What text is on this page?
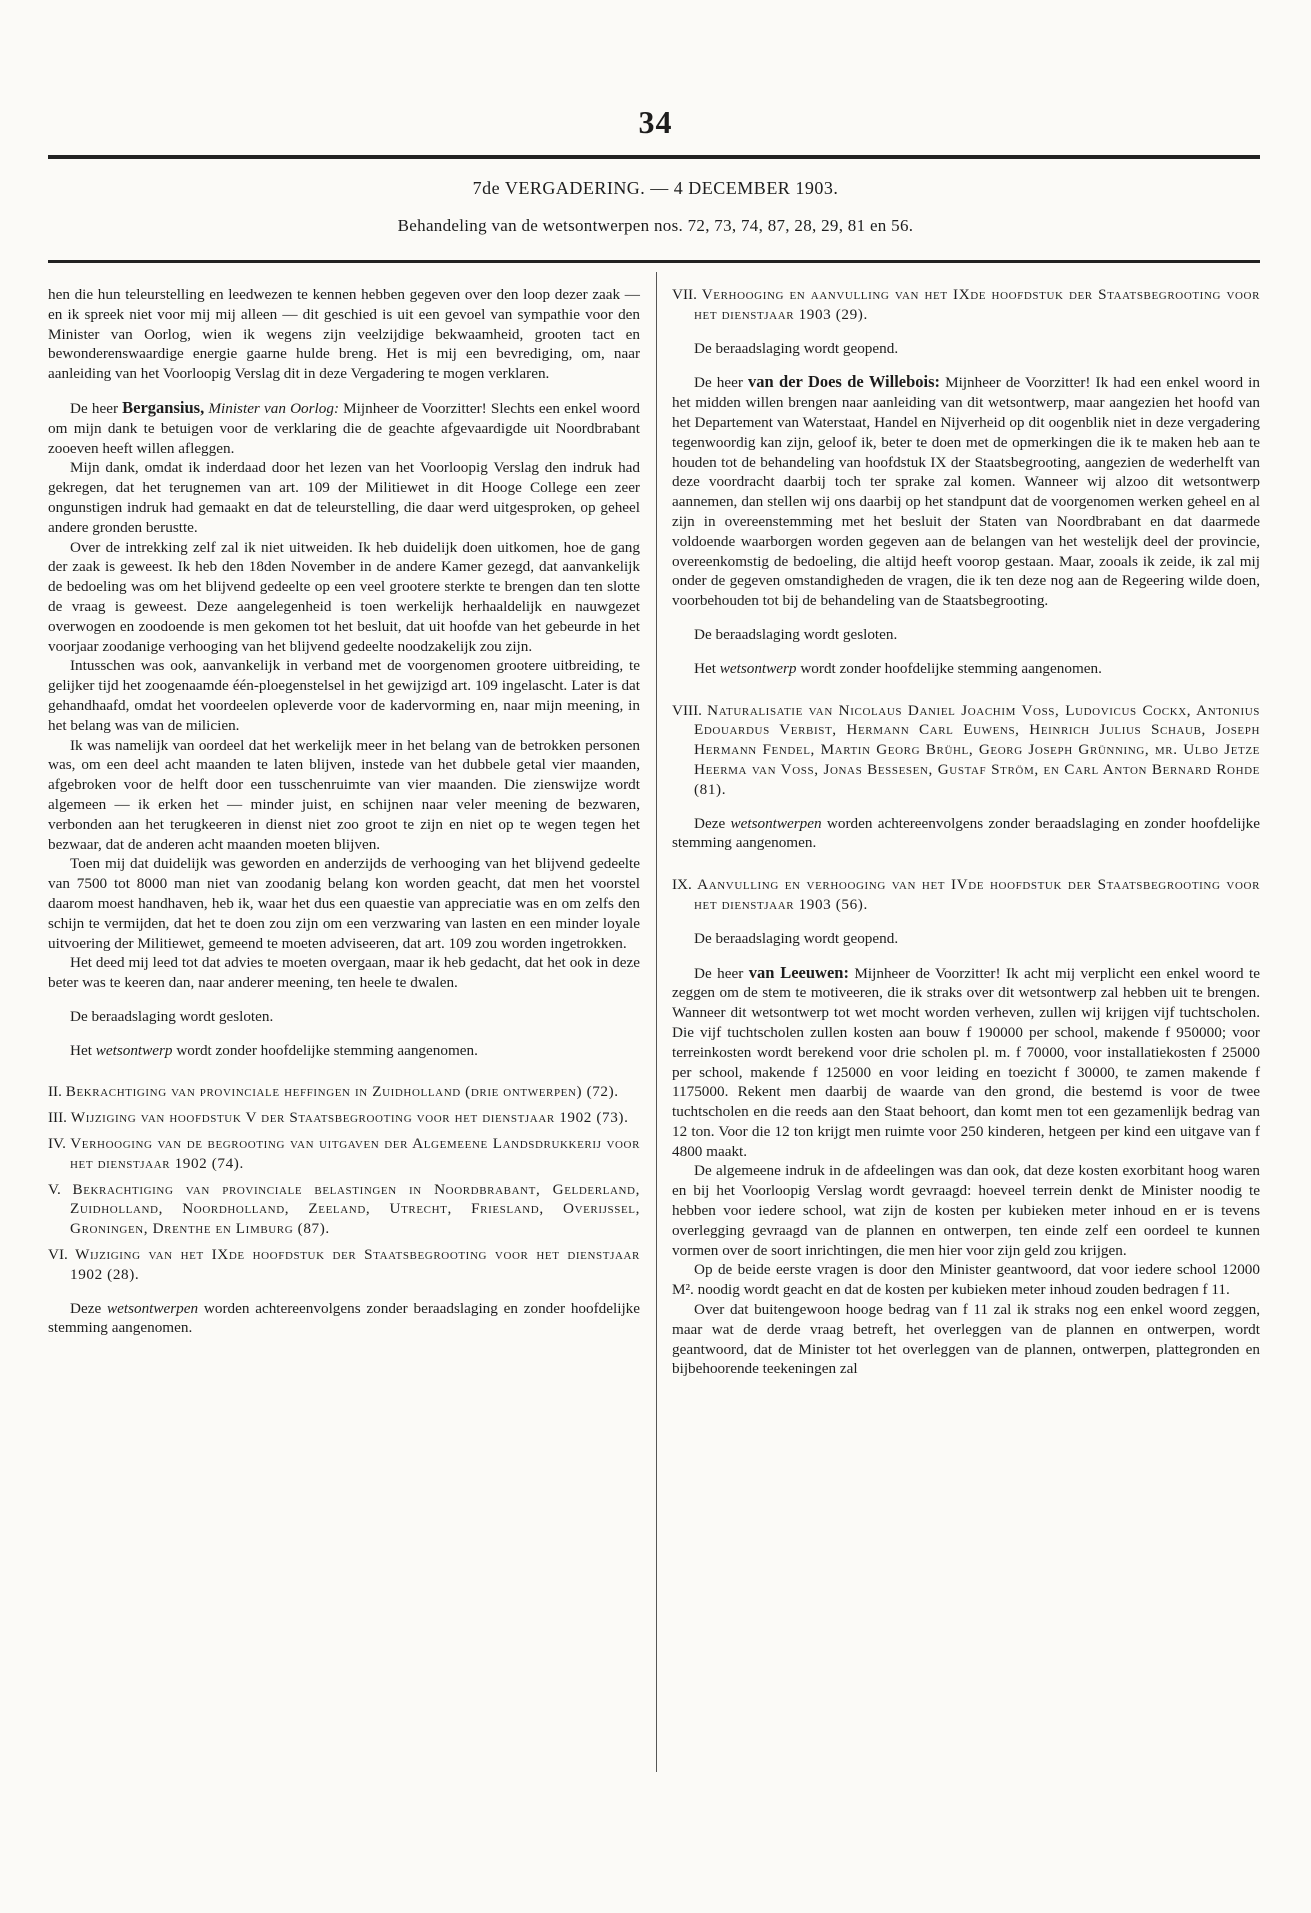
34
7de VERGADERING. — 4 DECEMBER 1903.
Behandeling van de wetsontwerpen nos. 72, 73, 74, 87, 28, 29, 81 en 56.

hen die hun teleurstelling en leedwezen te kennen hebben gegeven over den loop dezer zaak — en ik spreek niet voor mij mij alleen — dit geschied is uit een gevoel van sympathie voor den Minister van Oorlog, wien ik wegens zijn veelzijdige bekwaamheid, grooten tact en bewonderenswaardige energie gaarne hulde breng. Het is mij een bevrediging, om, naar aanleiding van het Voorloopig Verslag dit in deze Vergadering te mogen verklaren.

De heer Bergansius, Minister van Oorlog: Mijnheer de Voorzitter! Slechts een enkel woord om mijn dank te betuigen voor de verklaring die de geachte afgevaardigde uit Noordbrabant zooeven heeft willen afleggen.

Mijn dank, omdat ik inderdaad door het lezen van het Voorloopig Verslag den indruk had gekregen, dat het terugnemen van art. 109 der Militiewet in dit Hooge College een zeer ongunstigen indruk had gemaakt en dat de teleurstelling, die daar werd uitgesproken, op geheel andere gronden berustte.

Over de intrekking zelf zal ik niet uitweiden. Ik heb duidelijk doen uitkomen, hoe de gang der zaak is geweest. Ik heb den 18den November in de andere Kamer gezegd, dat aanvankelijk de bedoeling was om het blijvend gedeelte op een veel grootere sterkte te brengen dan ten slotte de vraag is geweest. Deze aangelegenheid is toen werkelijk herhaaldelijk en nauwgezet overwogen en zoodoende is men gekomen tot het besluit, dat uit hoofde van het gebeurde in het voorjaar zoodanige verhooging van het blijvend gedeelte noodzakelijk zou zijn.

Intusschen was ook, aanvankelijk in verband met de voorgenomen grootere uitbreiding, te gelijker tijd het zoogenaamde één-ploegenstelsel in het gewijzigd art. 109 ingelascht. Later is dat gehandhaafd, omdat het voordeelen opleverde voor de kadervorming en, naar mijn meening, in het belang was van de milicien.

Ik was namelijk van oordeel dat het werkelijk meer in het belang van de betrokken personen was, om een deel acht maanden te laten blijven, instede van het dubbele getal vier maanden, afgebroken voor de helft door een tusschenruimte van vier maanden. Die zienswijze wordt algemeen — ik erken het — minder juist, en schijnen naar veler meening de bezwaren, verbonden aan het terugkeeren in dienst niet zoo groot te zijn en niet op te wegen tegen het bezwaar, dat de anderen acht maanden moeten blijven.

Toen mij dat duidelijk was geworden en anderzijds de verhooging van het blijvend gedeelte van 7500 tot 8000 man niet van zoodanig belang kon worden geacht, dat men het voorstel daarom moest handhaven, heb ik, waar het dus een quaestie van appreciatie was en om zelfs den schijn te vermijden, dat het te doen zou zijn om een verzwaring van lasten en een minder loyale uitvoering der Militiewet, gemeend te moeten adviseeren, dat art. 109 zou worden ingetrokken.

Het deed mij leed tot dat advies te moeten overgaan, maar ik heb gedacht, dat het ook in deze beter was te keeren dan, naar anderer meening, ten heele te dwalen.

De beraadslaging wordt gesloten.

Het wetsontwerp wordt zonder hoofdelijke stemming aangenomen.

II. Bekrachtiging van provinciale heffingen in Zuidholland (drie ontwerpen) (72).

III. Wijziging van hoofdstuk V der Staatsbegrooting voor het dienstjaar 1902 (73).

IV. Verhooging van de begrooting van uitgaven der Algemeene Landsdrukkerij voor het dienstjaar 1902 (74).

V. Bekrachtiging van provinciale belastingen in Noordbrabant, Gelderland, Zuidholland, Noordholland, Zeeland, Utrecht, Friesland, Overijssel, Groningen, Drenthe en Limburg (87).

VI. Wijziging van het IXde hoofdstuk der Staatsbegrooting voor het dienstjaar 1902 (28).

Deze wetsontwerpen worden achtereenvolgens zonder beraadslaging en zonder hoofdelijke stemming aangenomen.

VII. Verhooging en aanvulling van het IXde hoofdstuk der Staatsbegrooting voor het dienstjaar 1903 (29).

De beraadslaging wordt geopend.

De heer van der Does de Willebois: Mijnheer de Voorzitter! Ik had een enkel woord in het midden willen brengen naar aanleiding van dit wetsontwerp, maar aangezien het hoofd van het Departement van Waterstaat, Handel en Nijverheid op dit oogenblik niet in deze vergadering tegenwoordig kan zijn, geloof ik, beter te doen met de opmerkingen die ik te maken heb aan te houden tot de behandeling van hoofdstuk IX der Staatsbegrooting, aangezien de wederhelft van deze voordracht daarbij toch ter sprake zal komen. Wanneer wij alzoo dit wetsontwerp aannemen, dan stellen wij ons daarbij op het standpunt dat de voorgenomen werken geheel en al zijn in overeenstemming met het besluit der Staten van Noordbrabant en dat daarmede voldoende waarborgen worden gegeven aan de belangen van het westelijk deel der provincie, overeenkomstig de bedoeling, die altijd heeft voorop gestaan. Maar, zooals ik zeide, ik zal mij onder de gegeven omstandigheden de vragen, die ik ten deze nog aan de Regeering wilde doen, voorbehouden tot bij de behandeling van de Staatsbegrooting.

De beraadslaging wordt gesloten.

Het wetsontwerp wordt zonder hoofdelijke stemming aangenomen.

VIII. Naturalisatie van Nicolaus Daniel Joachim Voss, Ludovicus Cockx, Antonius Edouardus Verbist, Hermann Carl Euwens, Heinrich Julius Schaub, Joseph Hermann Fendel, Martin Georg Brühl, Georg Joseph Grünning, mr. Ulbo Jetze Heerma van Voss, Jonas Bessesen, Gustaf Ström, en Carl Anton Bernard Rohde (81).

Deze wetsontwerpen worden achtereenvolgens zonder beraadslaging en zonder hoofdelijke stemming aangenomen.

IX. Aanvulling en verhooging van het IVde hoofdstuk der Staatsbegrooting voor het dienstjaar 1903 (56).

De beraadslaging wordt geopend.

De heer van Leeuwen: Mijnheer de Voorzitter! Ik acht mij verplicht een enkel woord te zeggen om de stem te motiveeren, die ik straks over dit wetsontwerp zal hebben uit te brengen. Wanneer dit wetsontwerp tot wet mocht worden verheven, zullen wij krijgen vijf tuchtscholen. Die vijf tuchtscholen zullen kosten aan bouw f 190000 per school, makende f 950000; voor terreinkosten wordt berekend voor drie scholen pl. m. f 70000, voor installatiekosten f 25000 per school, makende f 125000 en voor leiding en toezicht f 30000, te zamen makende f 1175000. Rekent men daarbij de waarde van den grond, die bestemd is voor de twee tuchtscholen en die reeds aan den Staat behoort, dan komt men tot een gezamenlijk bedrag van 12 ton. Voor die 12 ton krijgt men ruimte voor 250 kinderen, hetgeen per kind een uitgave van f 4800 maakt.

De algemeene indruk in de afdeelingen was dan ook, dat deze kosten exorbitant hoog waren en bij het Voorloopig Verslag wordt gevraagd: hoeveel terrein denkt de Minister noodig te hebben voor iedere school, wat zijn de kosten per kubieken meter inhoud en er is tevens overlegging gevraagd van de plannen en ontwerpen, ten einde zelf een oordeel te kunnen vormen over de soort inrichtingen, die men hier voor zijn geld zou krijgen.

Op de beide eerste vragen is door den Minister geantwoord, dat voor iedere school 12000 M². noodig wordt geacht en dat de kosten per kubieken meter inhoud zouden bedragen f 11.

Over dat buitengewoon hooge bedrag van f 11 zal ik straks nog een enkel woord zeggen, maar wat de derde vraag betreft, het overleggen van de plannen en ontwerpen, wordt geantwoord, dat de Minister tot het overleggen van de plannen, ontwerpen, plattegronden en bijbehoorende teekeningen zal
